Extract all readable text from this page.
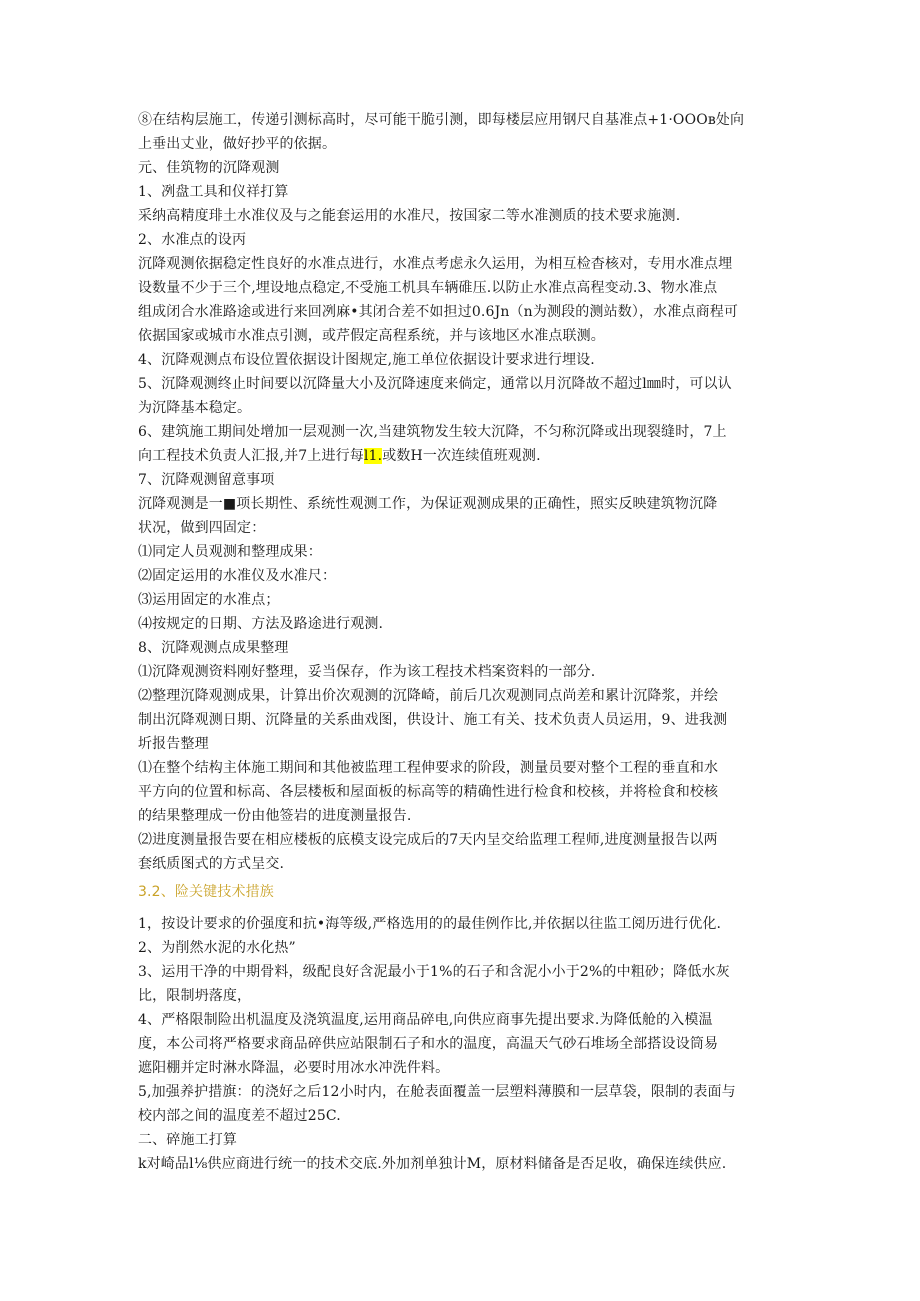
⑧在结构层施工，传递引测标高时，尽可能干脆引测，即每楼层应用钢尺自基准点+1·OOOв处向
上垂出丈业，做好抄平的依据。
元、佳筑物的沉降观测
1、冽盘工具和仪祥打算
采纳高精度琲土水准仪及与之能套运用的水准尺，按国家二等水准测质的技术要求施测.
2、水准点的设丙
沉降观测依据稳定性良好的水准点进行，水准点考虑永久运用，为相互检杳核对，专用水准点埋
设数量不少于三个,埋设地点稳定,不受施工机具车辆碓压.以防止水准点高程变动.3、物水准点
组成闭合水准路途或进行来回冽麻•其闭合差不如担过0.6Jn（n为测段的测站数），水准点商程可
依据国家或城市水准点引测，或芹假定高程系统，并与该地区水准点联测。
4、沉降观测点布设位置依据设计图规定,施工单位依据设计要求进行埋设.
5、沉降观测终止时间要以沉降量大小及沉降速度来倘定，通常以月沉降故不超过l㎜时，可以认
为沉降基本稳定。
6、建筑施工期间处增加一层观测一次,当建筑物发生较大沉降，不匀称沉降或出现裂缝时，7上
向工程技术负责人汇报,并7上进行每l1.或数H一次连续值班观测.
7、沉降观测留意事项
沉降观测是一■项长期性、系统性观测工作，为保证观测成果的正确性，照实反映建筑物沉降
状况，做到四固定：
⑴同定人员观测和整理成果：
⑵固定运用的水准仪及水准尺：
⑶运用固定的水准点；
⑷按规定的日期、方法及路途进行观测.
8、沉降观测点成果整理
⑴沉降观测资料刚好整理，妥当保存，作为该工程技术档案资料的一部分.
⑵整理沉降观测成果，计算出价次观测的沉降崎，前后几次观测同点尚差和累计沉降浆，并绘
制出沉降观测日期、沉降量的关系曲戏图，供设计、施工有关、技术负责人员运用，9、进我测
圻报告整理
⑴在整个结构主体施工期间和其他被监理工程伸要求的阶段，测量员要对整个工程的垂直和水
平方向的位置和标高、各层楼板和屋面板的标高等的精确性进行检食和校核，并将检食和校核
的结果整理成一份由他签岩的进度测量报告.
⑵进度测量报告要在相应楼板的底模支设完成后的7天内呈交给监理工程师,进度测量报告以两
套纸质图式的方式呈交.
3.2、险关键技术措族
1，按设计要求的价强度和抗•海等级,严格选用的的最佳例作比,并依据以往监工阅历进行优化.
2、为削然水泥的水化热”
3、运用干净的中期骨料，级配良好含泥最小于1%的石子和含泥小小于2%的中粗砂；降低水灰
比，限制坍落度，
4、严格限制险出机温度及浇筑温度,运用商品碎电,向供应商事先提出要求.为降低舱的入模温
度，本公司将严格要求商品碎供应站限制石子和水的温度，高温天气砂石堆场全部搭设设筒易
遮阳棚并定时淋水降温，必要时用冰水冲洗件料。
5,加强养护措旗：的浇好之后12小时内，在舱表面覆盖一层塑料薄膜和一层草袋，限制的表面与
校内部之间的温度差不超过25C.
二、碎施工打算
k对崎品l⅛供应商进行统一的技术交底.外加剂单独计M，原材料储备是否足收，确保连续供应.
